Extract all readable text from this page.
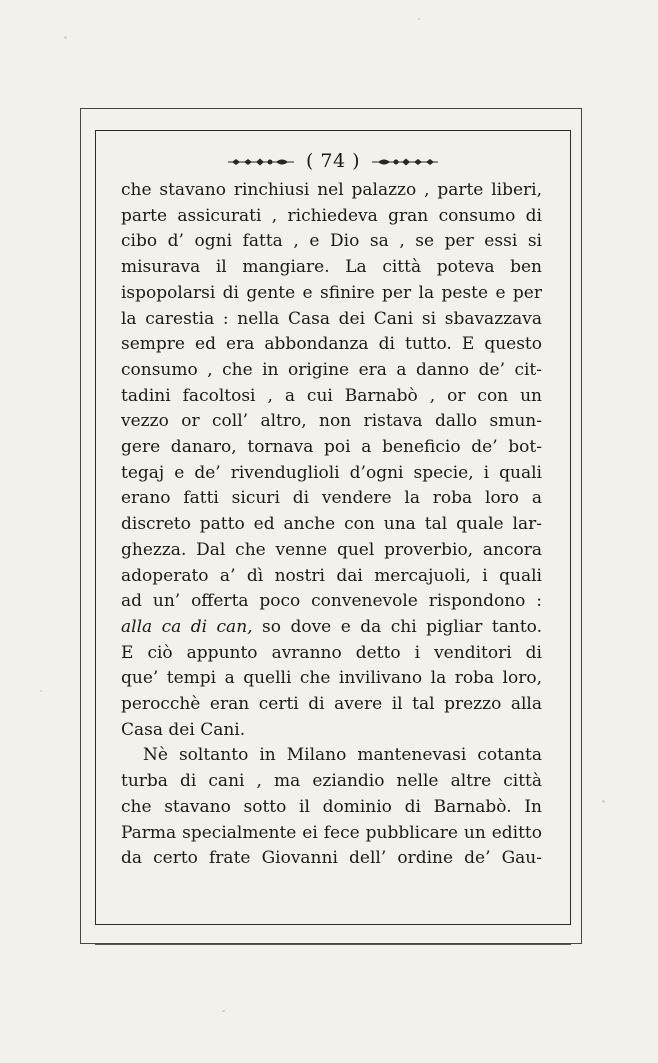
( 74 )
che stavano rinchiusi nel palazzo , parte liberi,
parte assicurati , richiedeva gran consumo di
cibo d’ ogni fatta , e Dio sa , se per essi si
misurava il mangiare. La città poteva ben
ispopolarsi di gente e sfinire per la peste e per
la carestia : nella Casa dei Cani si sbavazzava
sempre ed era abbondanza di tutto. E questo
consumo , che in origine era a danno de’ cit-
tadini facoltosi , a cui Barnabò , or con un
vezzo or coll’ altro, non ristava dallo smun-
gere danaro, tornava poi a beneficio de’ bot-
tegaj e de’ rivenduglioli d’ogni specie, i quali
erano fatti sicuri di vendere la roba loro a
discreto patto ed anche con una tal quale lar-
ghezza. Dal che venne quel proverbio, ancora
adoperato a’ dì nostri dai mercajuoli, i quali
ad un’ offerta poco convenevole rispondono :
alla ca di can, so dove e da chi pigliar tanto.
E ciò appunto avranno detto i venditori di
que’ tempi a quelli che invilivano la roba loro,
perocchè eran certi di avere il tal prezzo alla
Casa dei Cani.
Nè soltanto in Milano mantenevasi cotanta
turba di cani , ma eziandio nelle altre città
che stavano sotto il dominio di Barnabò. In
Parma specialmente ei fece pubblicare un editto
da certo frate Giovanni dell’ ordine de’ Gau-
